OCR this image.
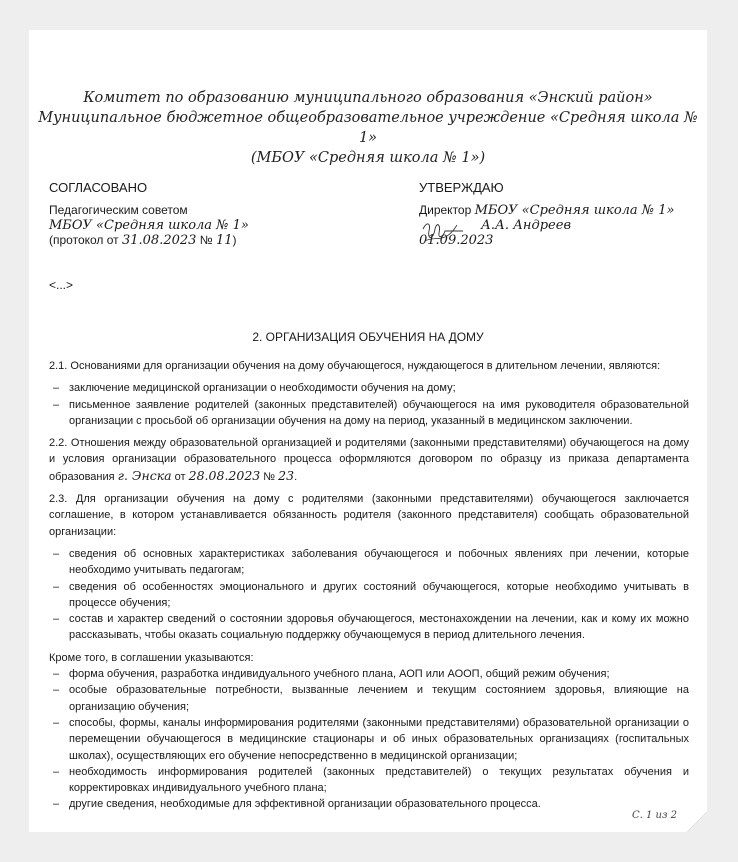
Комитет по образованию муниципального образования «Энский район»
Муниципальное бюджетное общеобразовательное учреждение «Средняя школа № 1»
(МБОУ «Средняя школа № 1»)
СОГЛАСОВАНО
Педагогическим советом
МБОУ «Средняя школа № 1»
(протокол от 31.08.2023 № 11)
УТВЕРЖДАЮ
Директор МБОУ «Средняя школа № 1»
А.А. Андреев
01.09.2023
<...>
2. ОРГАНИЗАЦИЯ ОБУЧЕНИЯ НА ДОМУ

2.1. Основаниями для организации обучения на дому обучающегося, нуждающегося в длительном лечении, являются:

– заключение медицинской организации о необходимости обучения на дому;
– письменное заявление родителей (законных представителей) обучающегося на имя руководителя образовательной организации с просьбой об организации обучения на дому на период, указанный в медицинском заключении.

2.2. Отношения между образовательной организацией и родителями (законными представителями) обучающегося на дому и условия организации образовательного процесса оформляются договором по образцу из приказа департамента образования г. Энска от 28.08.2023 № 23.

2.3. Для организации обучения на дому с родителями (законными представителями) обучающегося заключается соглашение, в котором устанавливается обязанность родителя (законного представителя) сообщать образовательной организации:

– сведения об основных характеристиках заболевания обучающегося и побочных явлениях при лечении, которые необходимо учитывать педагогам;
– сведения об особенностях эмоционального и других состояний обучающегося, которые необходимо учитывать в процессе обучения;
– состав и характер сведений о состоянии здоровья обучающегося, местонахождении на лечении, как и кому их можно рассказывать, чтобы оказать социальную поддержку обучающемуся в период длительного лечения.

Кроме того, в соглашении указываются:

– форма обучения, разработка индивидуального учебного плана, АОП или АООП, общий режим обучения;
– особые образовательные потребности, вызванные лечением и текущим состоянием здоровья, влияющие на организацию обучения;
– способы, формы, каналы информирования родителями (законными представителями) образовательной организации о перемещении обучающегося в медицинские стационары и об иных образовательных организациях (госпитальных школах), осуществляющих его обучение непосредственно в медицинской организации;
– необходимость информирования родителей (законных представителей) о текущих результатах обучения и корректировках индивидуального учебного плана;
– другие сведения, необходимые для эффективной организации образовательного процесса.
С. 1 из 2
